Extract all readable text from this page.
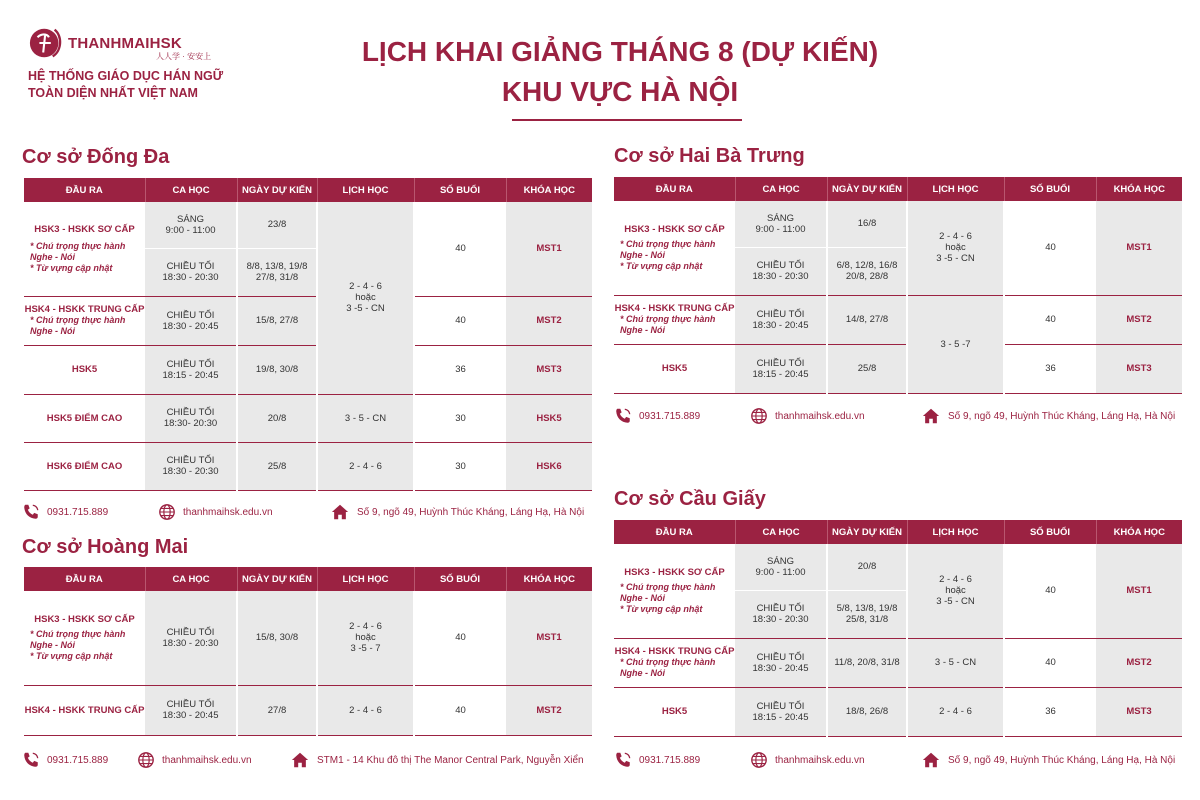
THANHMAIHSK
人人学 · 安安上
HỆ THỐNG GIÁO DỤC HÁN NGỮ
TOÀN DIỆN NHẤT VIỆT NAM
LỊCH KHAI GIẢNG THÁNG 8 (DỰ KIẾN)
KHU VỰC HÀ NỘI
Cơ sở Đống Đa
ĐẦU RA	CA HỌC	NGÀY DỰ KIẾN	LỊCH HỌC	SỐ BUỔI	KHÓA HỌC

HSK3 - HSKK SƠ CẤP
* Chú trọng thực hành Nghe - Nói
* Từ vựng cập nhật	SÁNG
9:00 - 11:00	23/8	2 - 4 - 6
hoặc
3 -5 - CN	40	MST1

	CHIỀU TỐI
18:30 - 20:30	8/8, 13/8, 19/8
27/8, 31/8			

HSK4 - HSKK TRUNG CẤP
* Chú trọng thực hành Nghe - Nói	CHIỀU TỐI
18:30 - 20:45	15/8, 27/8		40	MST2
HSK5	CHIỀU TỐI
18:15 - 20:45	19/8, 30/8		36	MST3
HSK5 ĐIỂM CAO	CHIỀU TỐI
18:30- 20:30	20/8	3 - 5 - CN	30	HSK5
HSK6 ĐIỂM CAO	CHIỀU TỐI
18:30 - 20:30	25/8	2 - 4 - 6	30	HSK6
0931.715.889	thanhmaihsk.edu.vn	Số 9, ngõ 49, Huỳnh Thúc Kháng, Láng Hạ, Hà Nội
Cơ sở Hoàng Mai
ĐẦU RA	CA HỌC	NGÀY DỰ KIẾN	LỊCH HỌC	SỐ BUỔI	KHÓA HỌC

HSK3 - HSKK SƠ CẤP
* Chú trọng thực hành Nghe - Nói
* Từ vựng cập nhật	CHIỀU TỐI
18:30 - 20:30	15/8, 30/8	2 - 4 - 6
hoặc
3 -5 - 7	40	MST1
HSK4 - HSKK TRUNG CẤP	CHIỀU TỐI
18:30 - 20:45	27/8	2 - 4 - 6	40	MST2
0931.715.889	thanhmaihsk.edu.vn	STM1 - 14 Khu đô thị The Manor Central Park, Nguyễn Xiển
Cơ sở Hai Bà Trưng
ĐẦU RA	CA HỌC	NGÀY DỰ KIẾN	LỊCH HỌC	SỐ BUỔI	KHÓA HỌC

HSK3 - HSKK SƠ CẤP
* Chú trọng thực hành Nghe - Nói
* Từ vựng cập nhật	SÁNG
9:00 - 11:00	16/8	2 - 4 - 6
hoặc
3 -5 - CN	40	MST1

	CHIỀU TỐI
18:30 - 20:30	6/8, 12/8, 16/8
20/8, 28/8			

HSK4 - HSKK TRUNG CẤP
* Chú trọng thực hành Nghe - Nói	CHIỀU TỐI
18:30 - 20:45	14/8, 27/8	3 - 5 -7	40	MST2
HSK5	CHIỀU TỐI
18:15 - 20:45	25/8		36	MST3
0931.715.889	thanhmaihsk.edu.vn	Số 9, ngõ 49, Huỳnh Thúc Kháng, Láng Hạ, Hà Nội
Cơ sở Cầu Giấy
ĐẦU RA	CA HỌC	NGÀY DỰ KIẾN	LỊCH HỌC	SỐ BUỔI	KHÓA HỌC

HSK3 - HSKK SƠ CẤP
* Chú trọng thực hành Nghe - Nói
* Từ vựng cập nhật	SÁNG
9:00 - 11:00	20/8	2 - 4 - 6
hoặc
3 -5 - CN	40	MST1

	CHIỀU TỐI
18:30 - 20:30	5/8, 13/8, 19/8
25/8, 31/8			

HSK4 - HSKK TRUNG CẤP
* Chú trọng thực hành Nghe - Nói	CHIỀU TỐI
18:30 - 20:45	11/8, 20/8, 31/8	3 - 5 - CN	40	MST2
HSK5	CHIỀU TỐI
18:15 - 20:45	18/8, 26/8	2 - 4 - 6	36	MST3
0931.715.889	thanhmaihsk.edu.vn	Số 9, ngõ 49, Huỳnh Thúc Kháng, Láng Hạ, Hà Nội
